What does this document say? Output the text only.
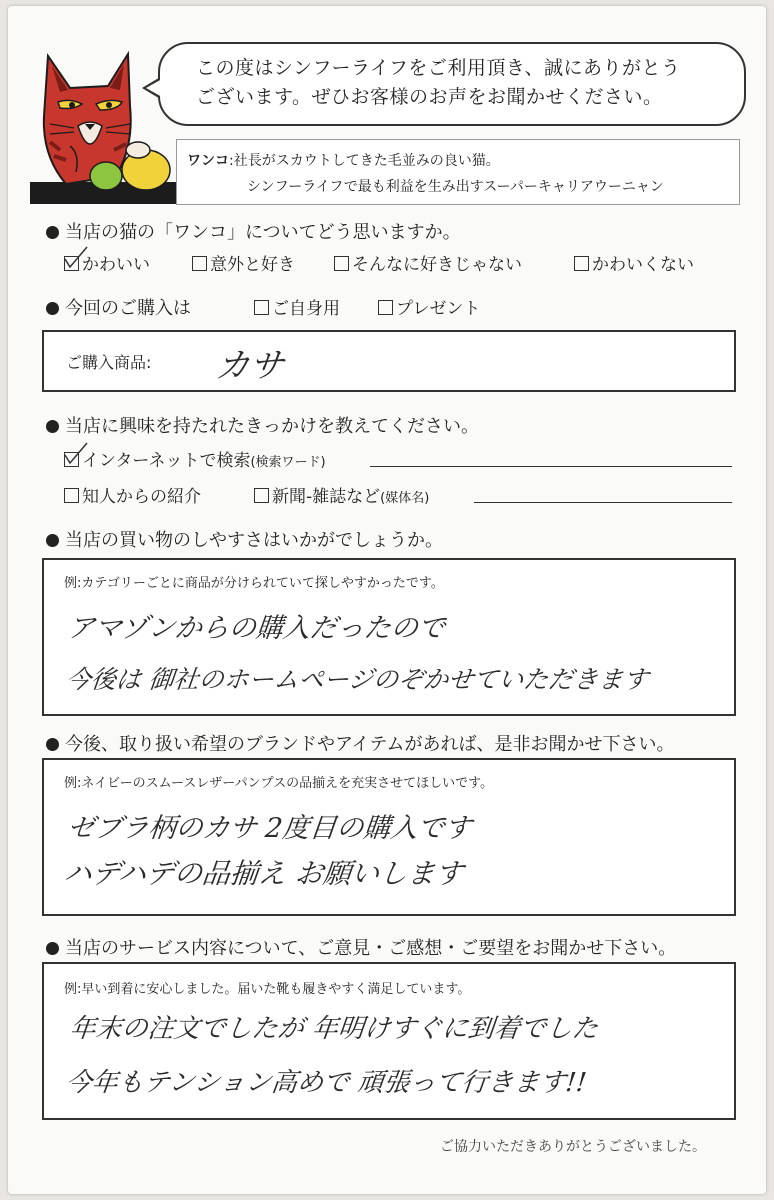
この度はシンフーライフをご利用頂き、誠にありがとう
ございます。ぜひお客様のお声をお聞かせください。
ワンコ:社長がスカウトしてきた毛並みの良い猫。
シンフーライフで最も利益を生み出すスーパーキャリアウーニャン
当店の猫の「ワンコ」についてどう思いますか。
かわいい	意外と好き	そんなに好きじゃない	かわいくない
今回のご購入は	ご自身用	プレゼント
ご購入商品: カサ
当店に興味を持たれたきっかけを教えてください。
インターネットで検索(検索ワード)
知人からの紹介	新聞-雑誌など(媒体名)
当店の買い物のしやすさはいかがでしょうか。
例:カテゴリーごとに商品が分けられていて探しやすかったです。
アマゾンからの購入だったので
今後は 御社のホームページのぞかせていただきます
今後、取り扱い希望のブランドやアイテムがあれば、是非お聞かせ下さい。
例:ネイビーのスムースレザーパンプスの品揃えを充実させてほしいです。
ゼブラ柄のカサ 2度目の購入です
ハデハデの品揃え お願いします
当店のサービス内容について、ご意見・ご感想・ご要望をお聞かせ下さい。
例:早い到着に安心しました。届いた靴も履きやすく満足しています。
年末の注文でしたが 年明けすぐに到着でした
今年もテンション高めで 頑張って行きます!!
ご協力いただきありがとうございました。
